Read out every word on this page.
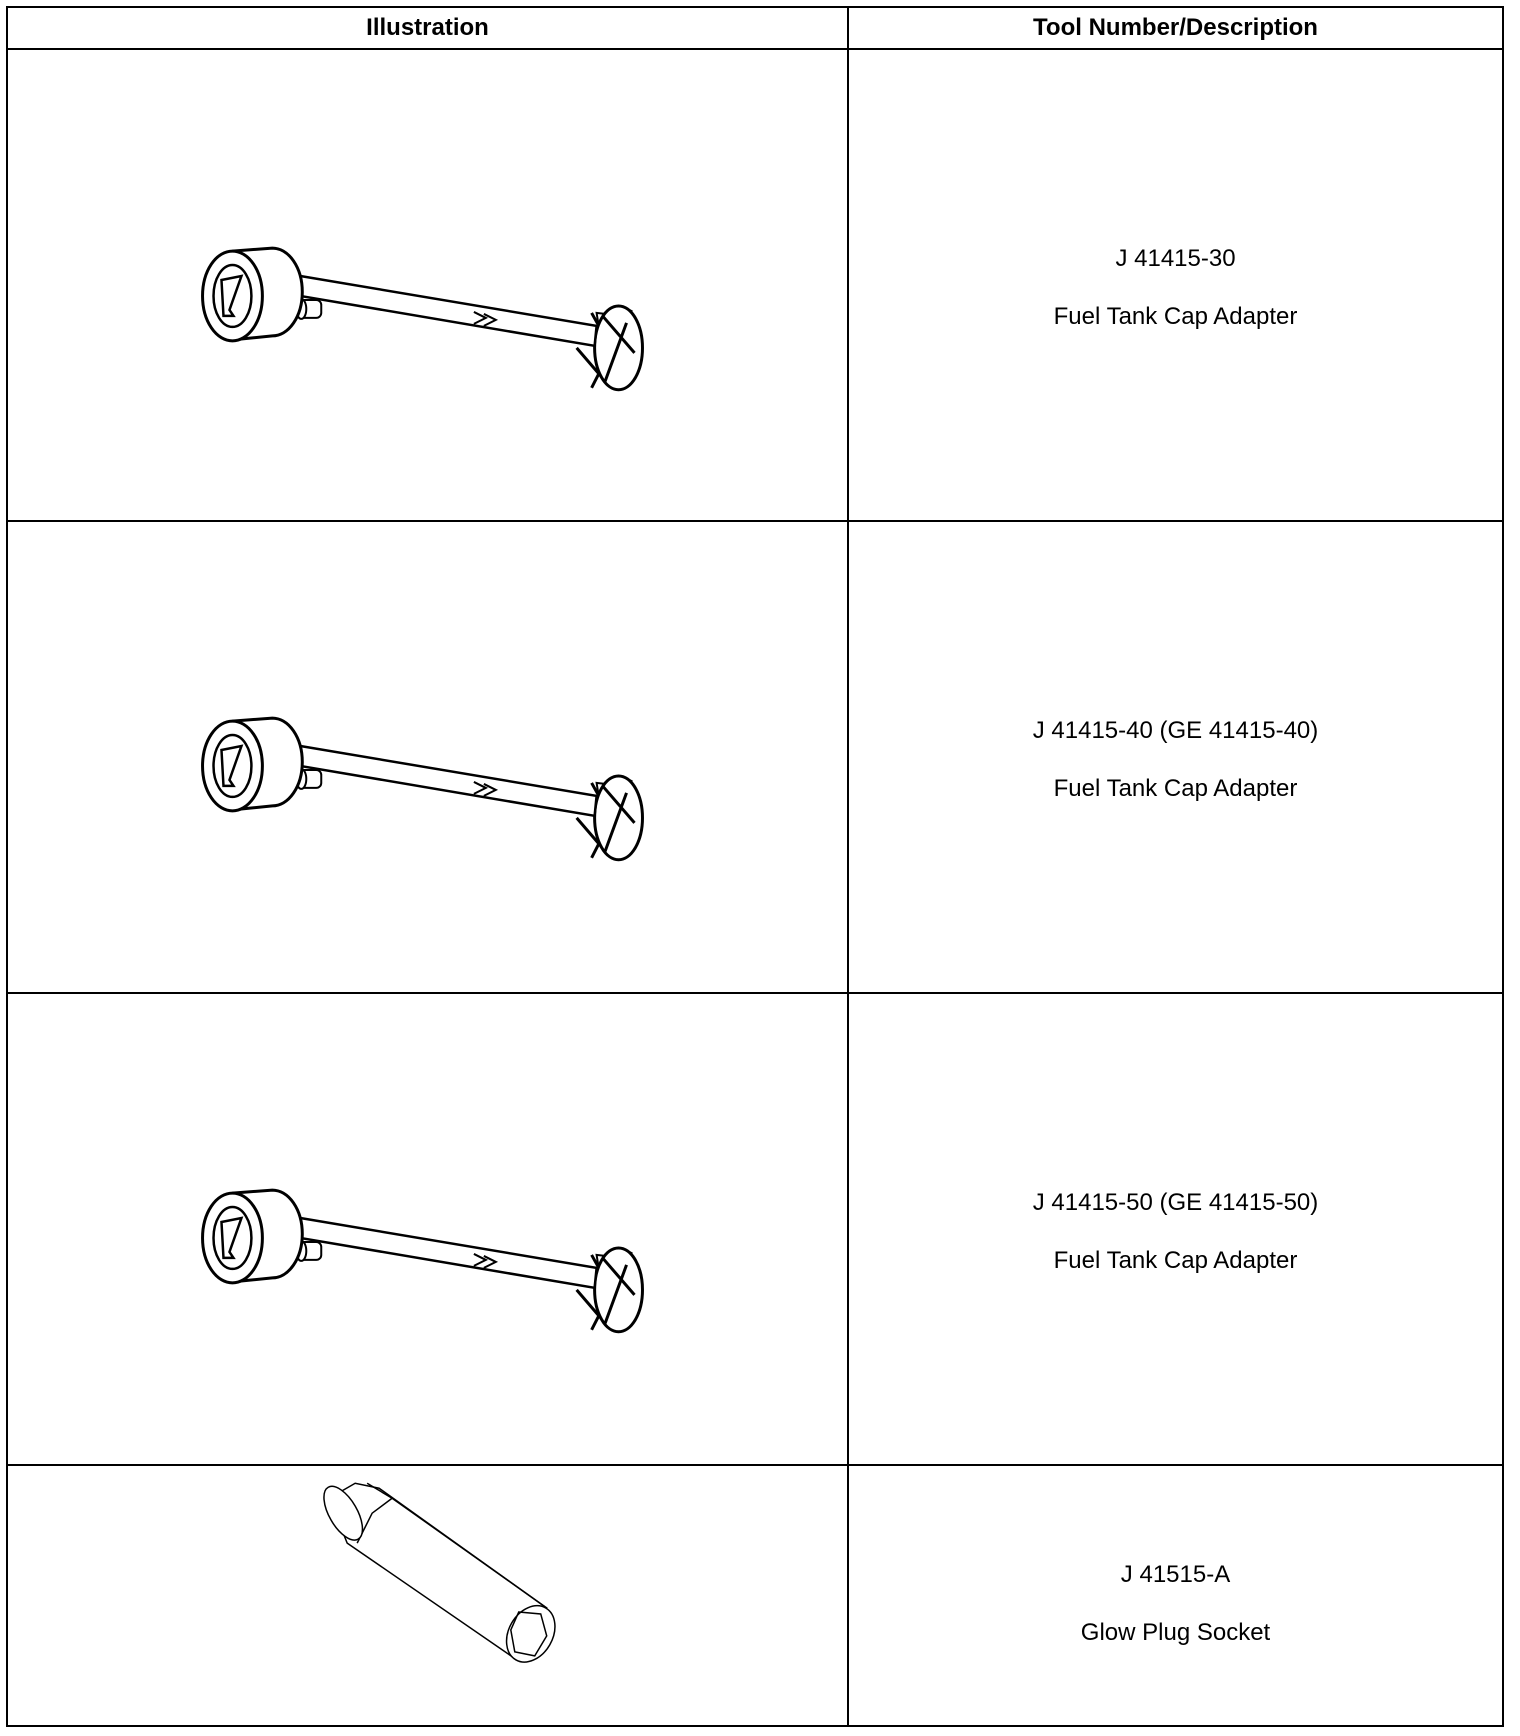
Illustration	Tool Number/Description

J 41415-30
Fuel Tank Cap Adapter

J 41415-40 (GE 41415-40)
Fuel Tank Cap Adapter

J 41415-50 (GE 41415-50)
Fuel Tank Cap Adapter

J 41515-A
Glow Plug Socket
